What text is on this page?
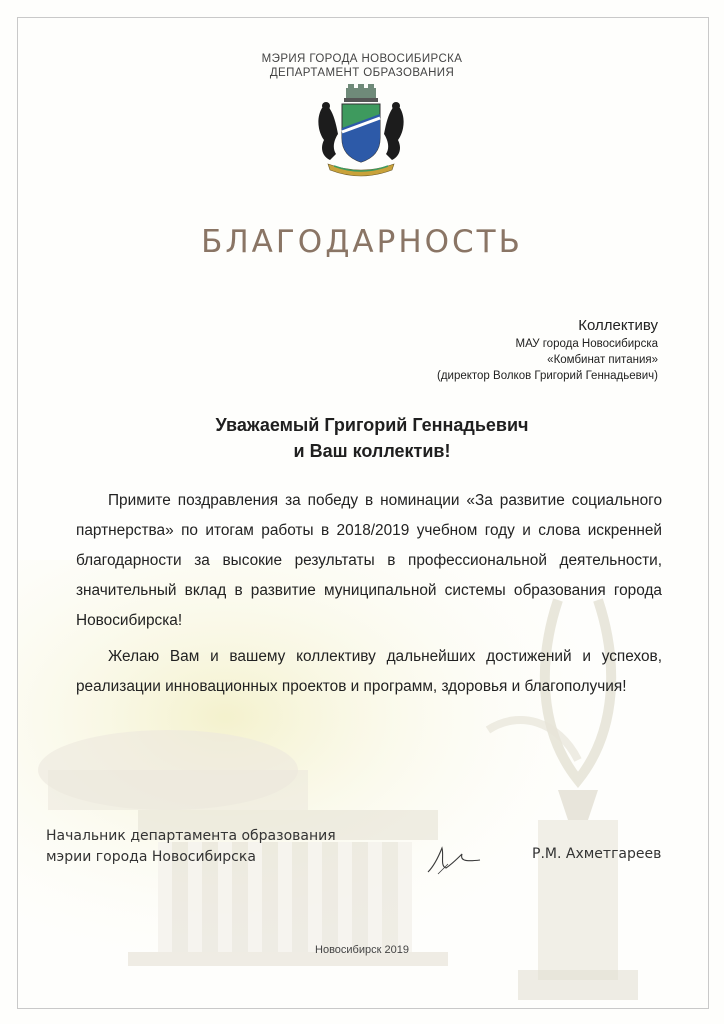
МЭРИЯ ГОРОДА НОВОСИБИРСКА
ДЕПАРТАМЕНТ ОБРАЗОВАНИЯ
БЛАГОДАРНОСТЬ
Коллективу
МАУ города Новосибирска
«Комбинат питания»
(директор Волков Григорий Геннадьевич)
Уважаемый Григорий Геннадьевич
и Ваш коллектив!

Примите поздравления за победу в номинации «За развитие социального партнерства» по итогам работы в 2018/2019 учебном году и слова искренней благодарности за высокие результаты в профессиональной деятельности, значительный вклад в развитие муниципальной системы образования города Новосибирска!

Желаю Вам и вашему коллективу дальнейших достижений и успехов, реализации инновационных проектов и программ, здоровья и благополучия!

Начальник департамента образования
мэрии города Новосибирска	Р.М. Ахметгареев
Новосибирск 2019
